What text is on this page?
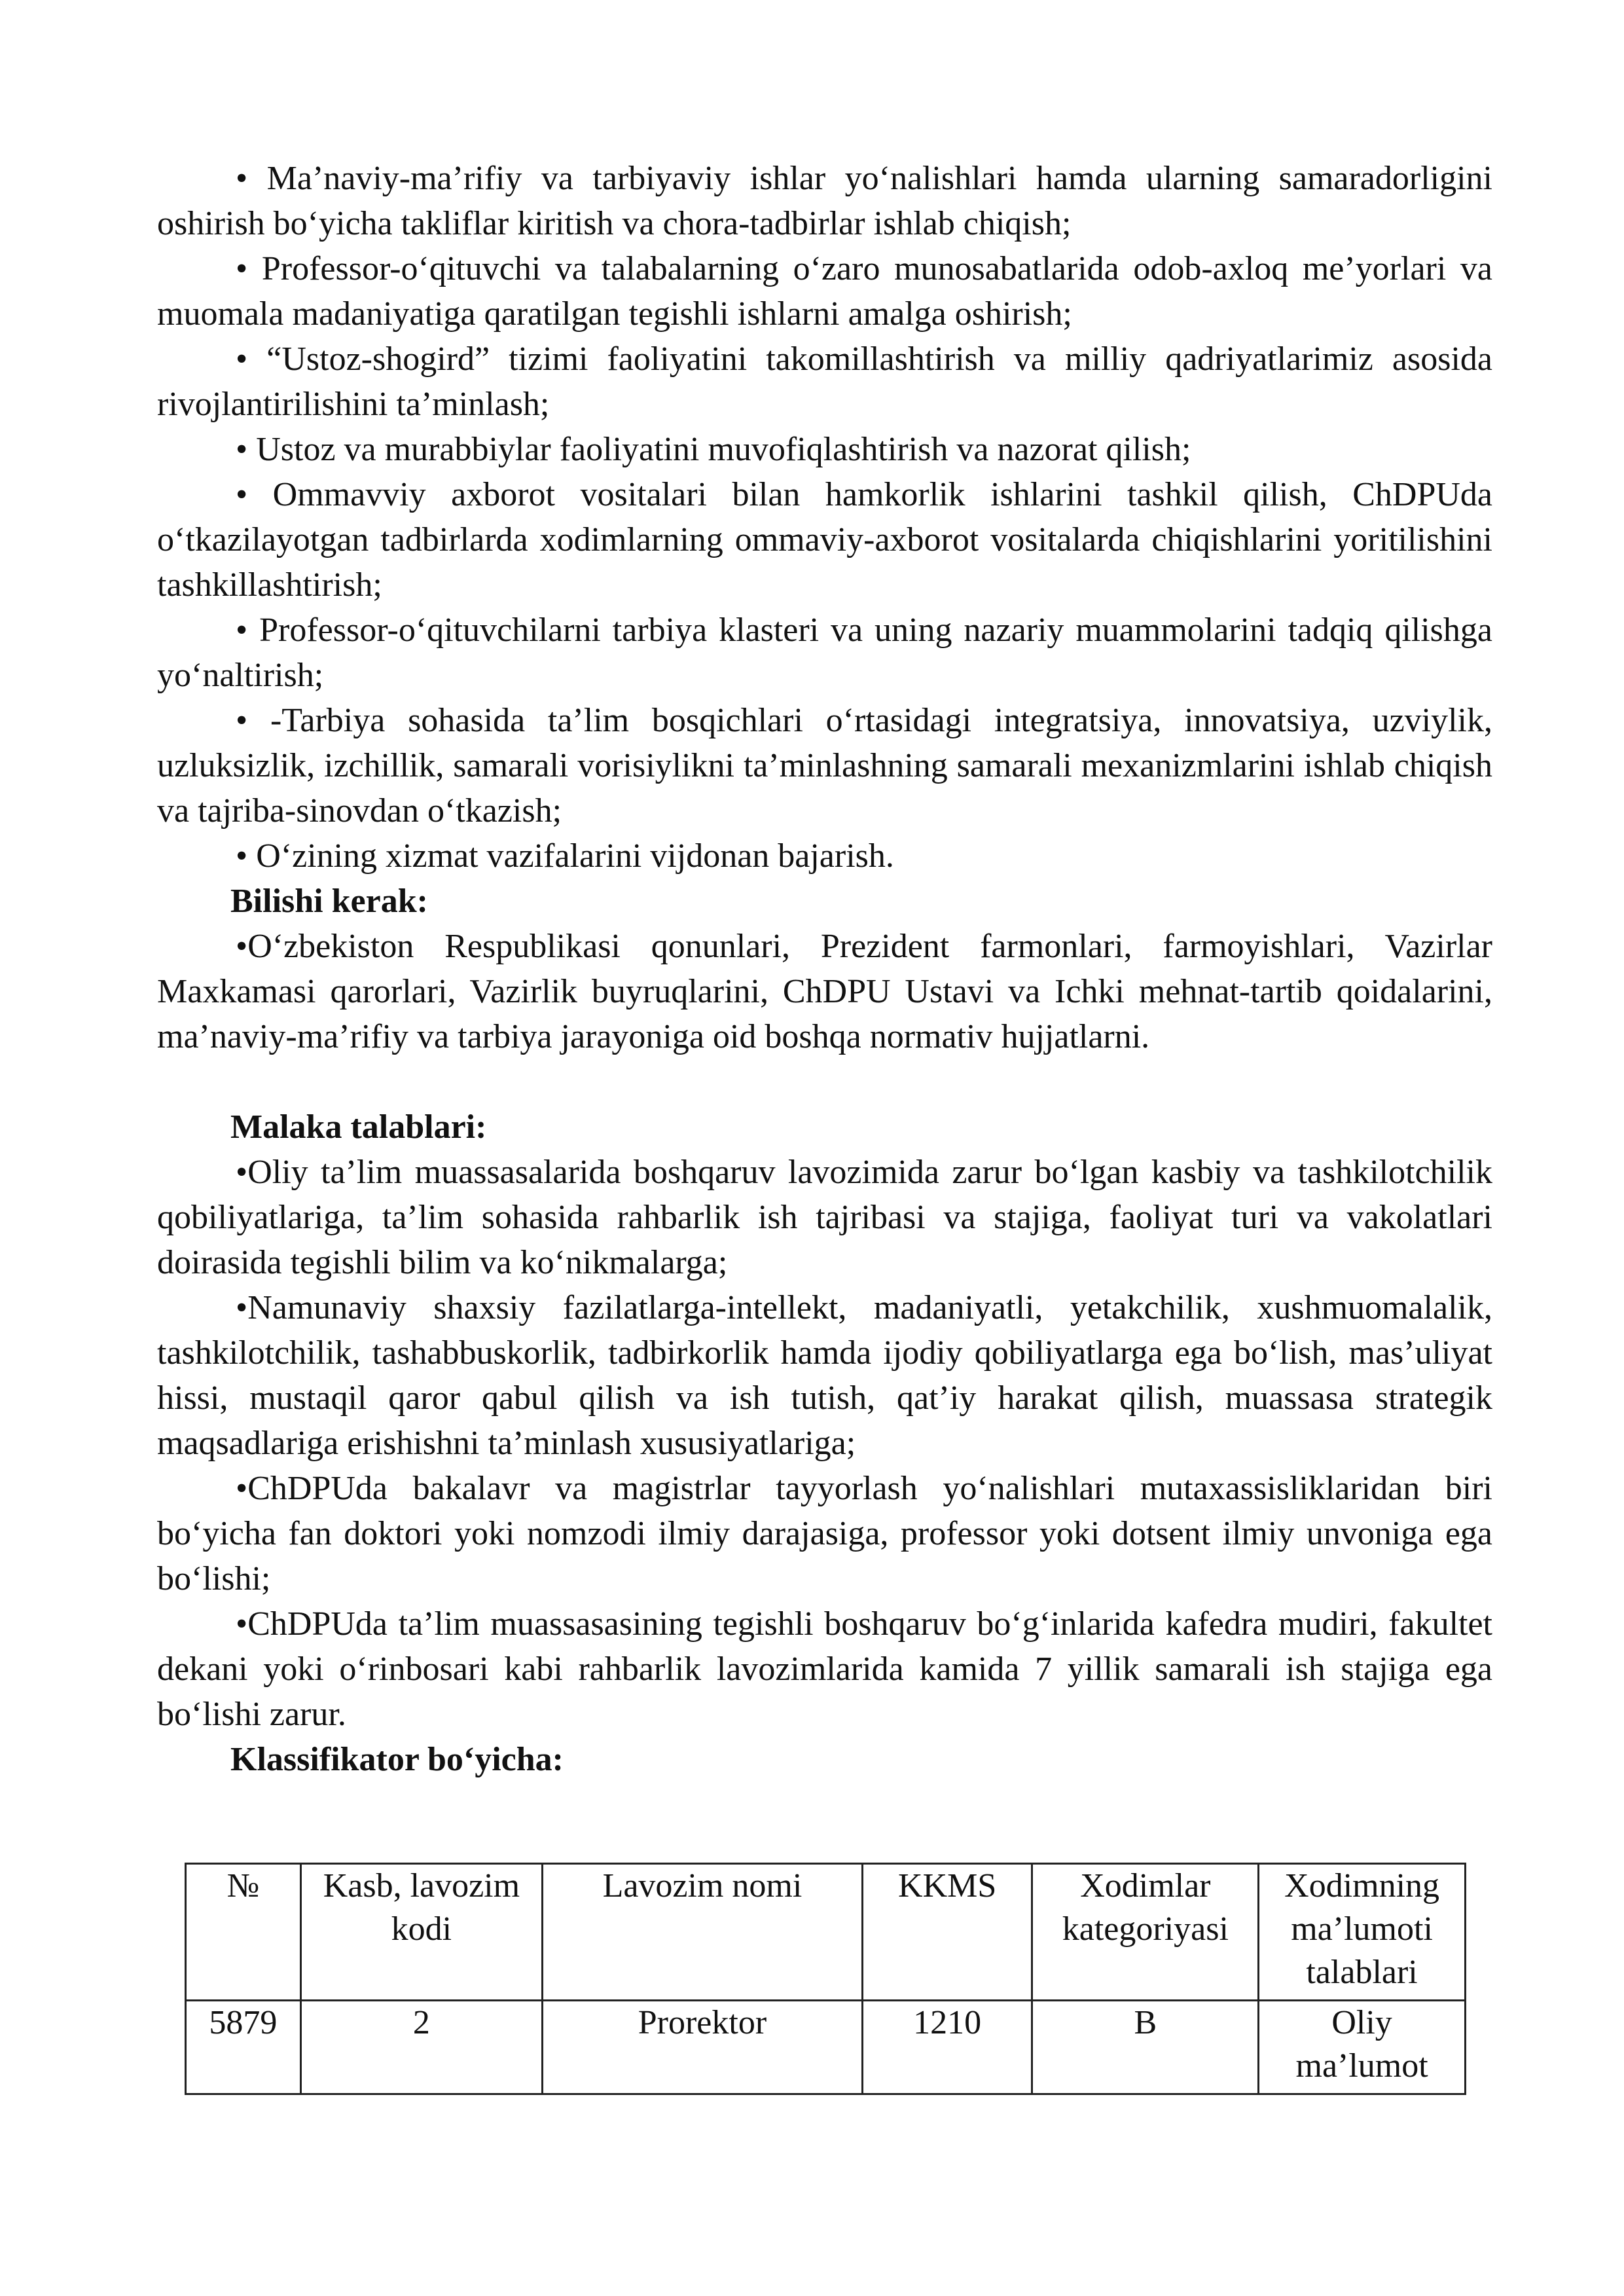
• Ma’naviy-ma’rifiy va tarbiyaviy ishlar yo‘nalishlari hamda ularning samaradorligini oshirish bo‘yicha takliflar kiritish va chora-tadbirlar ishlab chiqish;

• Professor-o‘qituvchi va talabalarning o‘zaro munosabatlarida odob-axloq me’yorlari va muomala madaniyatiga qaratilgan tegishli ishlarni amalga oshirish;

• “Ustoz-shogird” tizimi faoliyatini takomillashtirish va milliy qadriyatlarimiz asosida rivojlantirilishini ta’minlash;

• Ustoz va murabbiylar faoliyatini muvofiqlashtirish va nazorat qilish;

• Ommavviy axborot vositalari bilan hamkorlik ishlarini tashkil qilish, ChDPUda o‘tkazilayotgan tadbirlarda xodimlarning ommaviy-axborot vositalarda chiqishlarini yoritilishini tashkillashtirish;

• Professor-o‘qituvchilarni tarbiya klasteri va uning nazariy muammolarini tadqiq qilishga yo‘naltirish;

• -Tarbiya sohasida ta’lim bosqichlari o‘rtasidagi integratsiya, innovatsiya, uzviylik, uzluksizlik, izchillik, samarali vorisiylikni ta’minlashning samarali mexanizmlarini ishlab chiqish va tajriba-sinovdan o‘tkazish;

• O‘zining xizmat vazifalarini vijdonan bajarish.

Bilishi kerak:

•O‘zbekiston Respublikasi qonunlari, Prezident farmonlari, farmoyishlari, Vazirlar Maxkamasi qarorlari, Vazirlik buyruqlarini, ChDPU Ustavi va Ichki mehnat-tartib qoidalarini, ma’naviy-ma’rifiy va tarbiya jarayoniga oid boshqa normativ hujjatlarni.

Malaka talablari:

•Oliy ta’lim muassasalarida boshqaruv lavozimida zarur bo‘lgan kasbiy va tashkilotchilik qobiliyatlariga, ta’lim sohasida rahbarlik ish tajribasi va stajiga, faoliyat turi va vakolatlari doirasida tegishli bilim va ko‘nikmalarga;

•Namunaviy shaxsiy fazilatlarga-intellekt, madaniyatli, yetakchilik, xushmuomalalik, tashkilotchilik, tashabbuskorlik, tadbirkorlik hamda ijodiy qobiliyatlarga ega bo‘lish, mas’uliyat hissi, mustaqil qaror qabul qilish va ish tutish, qat’iy harakat qilish, muassasa strategik maqsadlariga erishishni ta’minlash xususiyatlariga;

•ChDPUda bakalavr va magistrlar tayyorlash yo‘nalishlari mutaxassisliklaridan biri bo‘yicha fan doktori yoki nomzodi ilmiy darajasiga, professor yoki dotsent ilmiy unvoniga ega bo‘lishi;

•ChDPUda ta’lim muassasasining tegishli boshqaruv bo‘g‘inlarida kafedra mudiri, fakultet dekani yoki o‘rinbosari kabi rahbarlik lavozimlarida kamida 7 yillik samarali ish stajiga ega bo‘lishi zarur.

Klassifikator bo‘yicha:

№	Kasb, lavozim kodi	Lavozim nomi	KKMS	Xodimlar kategoriyasi	Xodimning ma’lumoti talablari
5879	2	Prorektor	1210	B	Oliy ma’lumot
